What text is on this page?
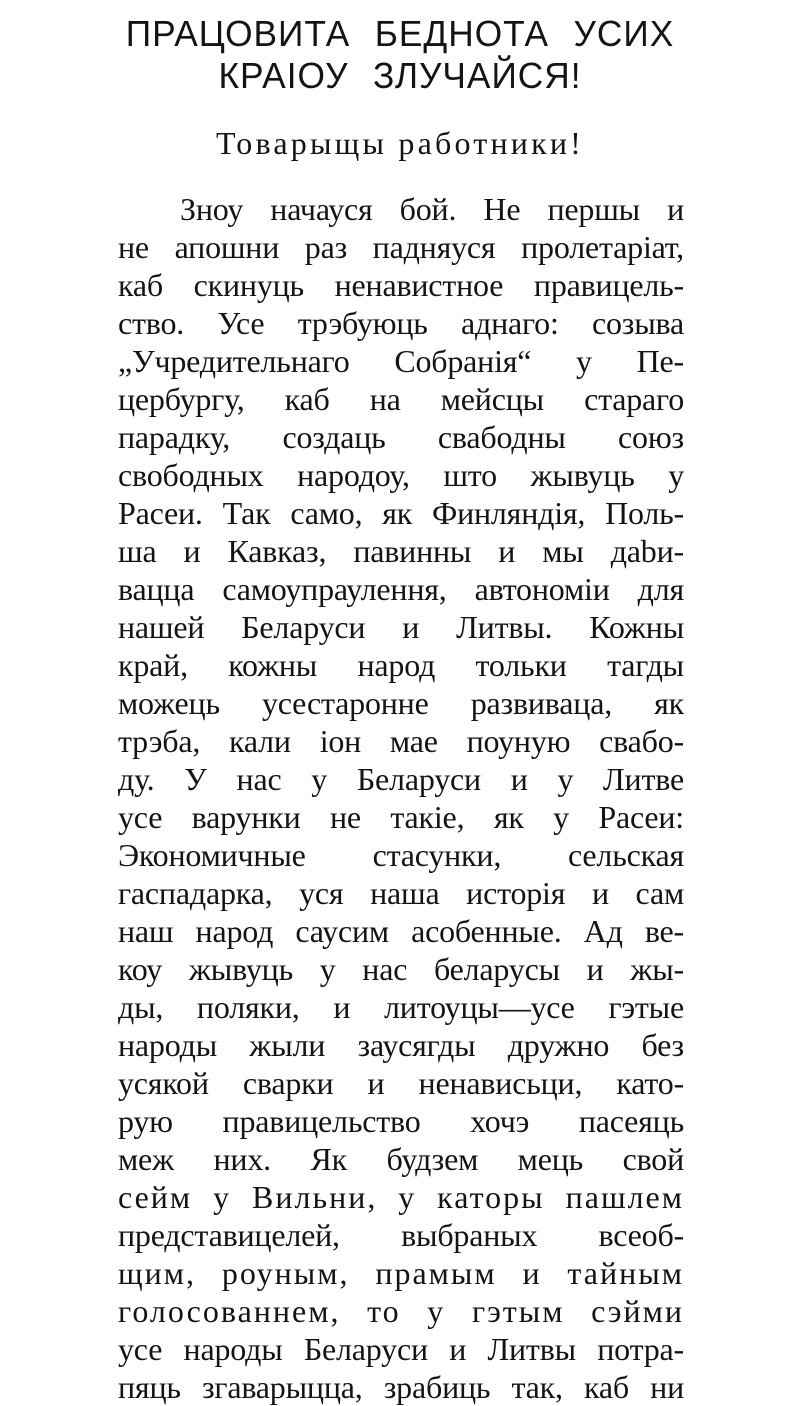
ПРАЦОВИТА БЕДНОТА УСИХ
КРАІОУ ЗЛУЧАЙСЯ!
Товарыщы работники!
Зноу начауся бой. Не першы и
не апошни раз падняуся пролетаріат,
каб скинуць ненавистное правицель-
ство. Усе трэбуюць аднаго: созыва
„Учредительнаго Собранія“ у Пе-
цербургу, каб на мейсцы стараго
парадку, создаць свабодны союз
свободных народоу, што жывуць у
Расеи. Так само, як Финляндія, Поль-
ша и Кавказ, павинны и мы дabи-
вацца самоупраулення, автономіи для
нашей Беларуси и Литвы. Кожны
край, кожны народ тольки тагды
можець усестаронне развиваца, як
трэба, кали іон мае поуную свабо-
ду. У нас у Беларуси и у Литве
усе варунки не такіе, як у Расеи:
Экономичные стасунки, сельская
гаспадарка, уся наша исторія и сам
наш народ саусим асобенные. Ад ве-
коу жывуць у нас беларусы и жы-
ды, поляки, и литоуцы—усе гэтые
народы жыли заусягды дружно без
усякой сварки и ненависьци, като-
рую правицельство хочэ пасеяць
меж них. Як будзем мець свой
сейм у Вильни, у каторы пашлем
представицелей, выбраных всеоб-
щим, роуным, прамым и тайным
голосованнем, то у гэтым сэйми
усе народы Беларуси и Литвы потра-
пяць згаварыцца, зрабиць так, каб ни
